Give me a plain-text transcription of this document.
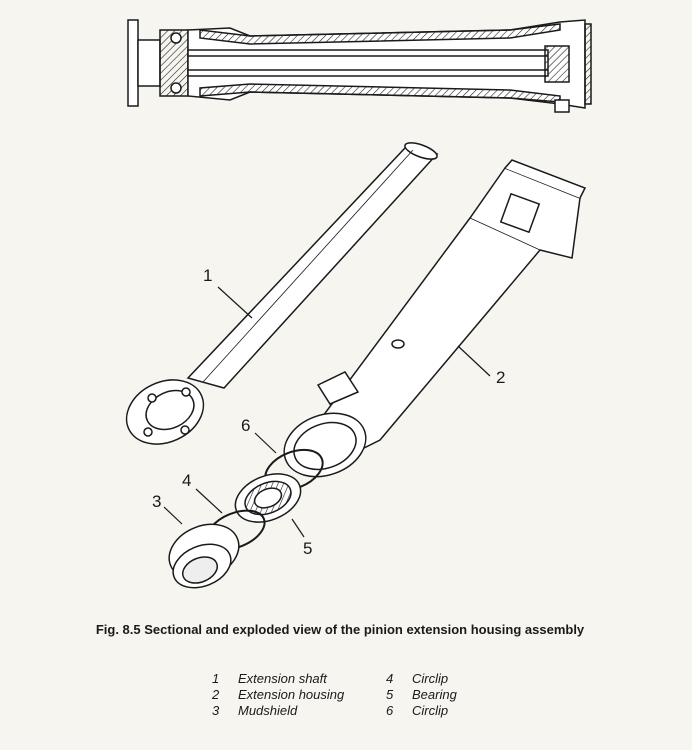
1
2
3
4
5
6
Fig. 8.5 Sectional and exploded view of the pinion extension housing assembly
1	Extension shaft
2	Extension housing
3	Mudshield
4	Circlip
5	Bearing
6	Circlip
